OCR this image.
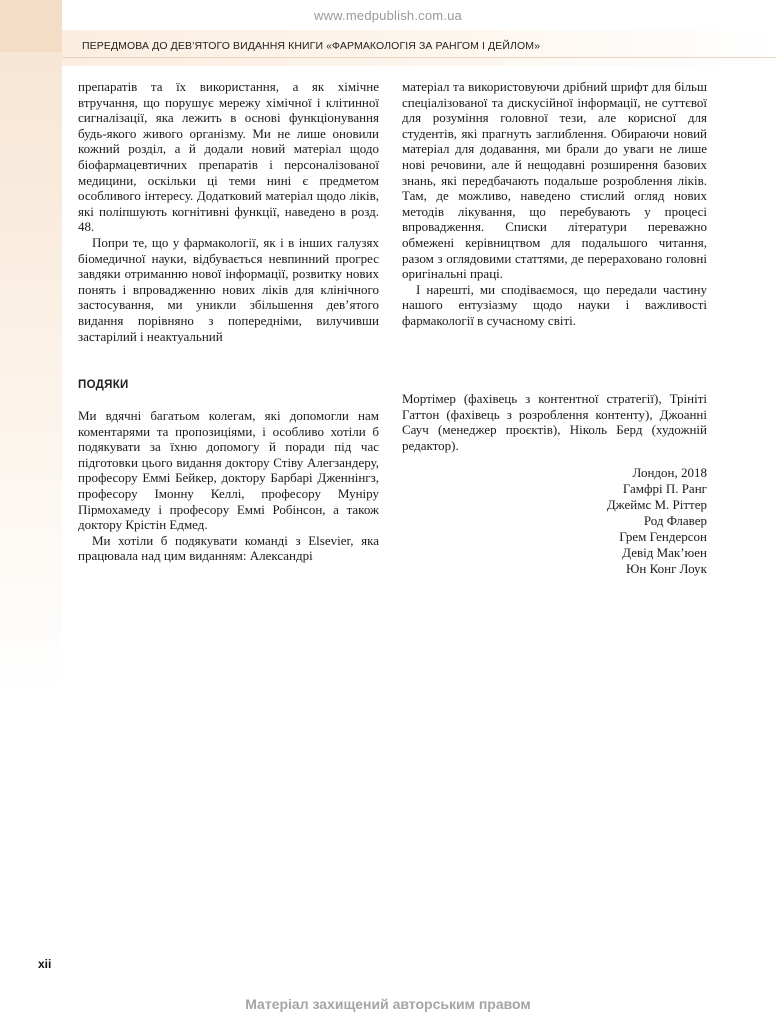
www.medpublish.com.ua
ПЕРЕДМОВА ДО ДЕВ’ЯТОГО ВИДАННЯ КНИГИ «ФАРМАКОЛОГІЯ ЗА РАНГОМ І ДЕЙЛОМ»

препаратів та їх використання, а як хімічне втручання, що порушує мережу хімічної і клітинної сигналізації, яка лежить в основі функціонування будь-якого живого організму. Ми не лише оновили кожний розділ, а й додали новий матеріал щодо біофармацевтичних препаратів і персоналізованої медицини, оскільки ці теми нині є предметом особливого інтересу. Додатковий матеріал щодо ліків, які поліпшують когнітивні функції, наведено в розд. 48.

Попри те, що у фармакології, як і в інших галузях біомедичної науки, відбувається невпинний прогрес завдяки отриманню нової інформації, розвитку нових понять і впровадженню нових ліків для клінічного застосування, ми уникли збільшення дев’ятого видання порівняно з попередніми, вилучивши застарілий і неактуальний

матеріал та використовуючи дрібний шрифт для більш спеціалізованої та дискусійної інформації, не суттєвої для розуміння головної тези, але корисної для студентів, які прагнуть заглиблення. Обираючи новий матеріал для додавання, ми брали до уваги не лише нові речовини, але й нещодавні розширення базових знань, які передбачають подальше розроблення ліків. Там, де можливо, наведено стислий огляд нових методів лікування, що перебувають у процесі впровадження. Списки літератури переважно обмежені керівництвом для подальшого читання, разом з оглядовими статтями, де перераховано головні оригінальні праці.

І нарешті, ми сподіваємося, що передали частину нашого ентузіазму щодо науки і важливості фармакології в сучасному світі.

ПОДЯКИ

Ми вдячні багатьом колегам, які допомогли нам коментарями та пропозиціями, і особливо хотіли б подякувати за їхню допомогу й поради під час підготовки цього видання доктору Стіву Алегзандеру, професору Еммі Бейкер, доктору Барбарі Дженнінгз, професору Імонну Келлі, професору Муніру Пірмохамеду і професору Еммі Робінсон, а також доктору Крістін Едмед.

Ми хотіли б подякувати команді з Elsevier, яка працювала над цим виданням: Александрі

Мортімер (фахівець з контентної стратегії), Трініті Гаттон (фахівець з розроблення контенту), Джоанні Сауч (менеджер проєктів), Ніколь Берд (художній редактор).

Лондон, 2018
Гамфрі П. Ранг
Джеймс М. Ріттер
Род Флавер
Грем Гендерсон
Девід Мак’юен
Юн Конг Лоук
xii
Матеріал захищений авторським правом
